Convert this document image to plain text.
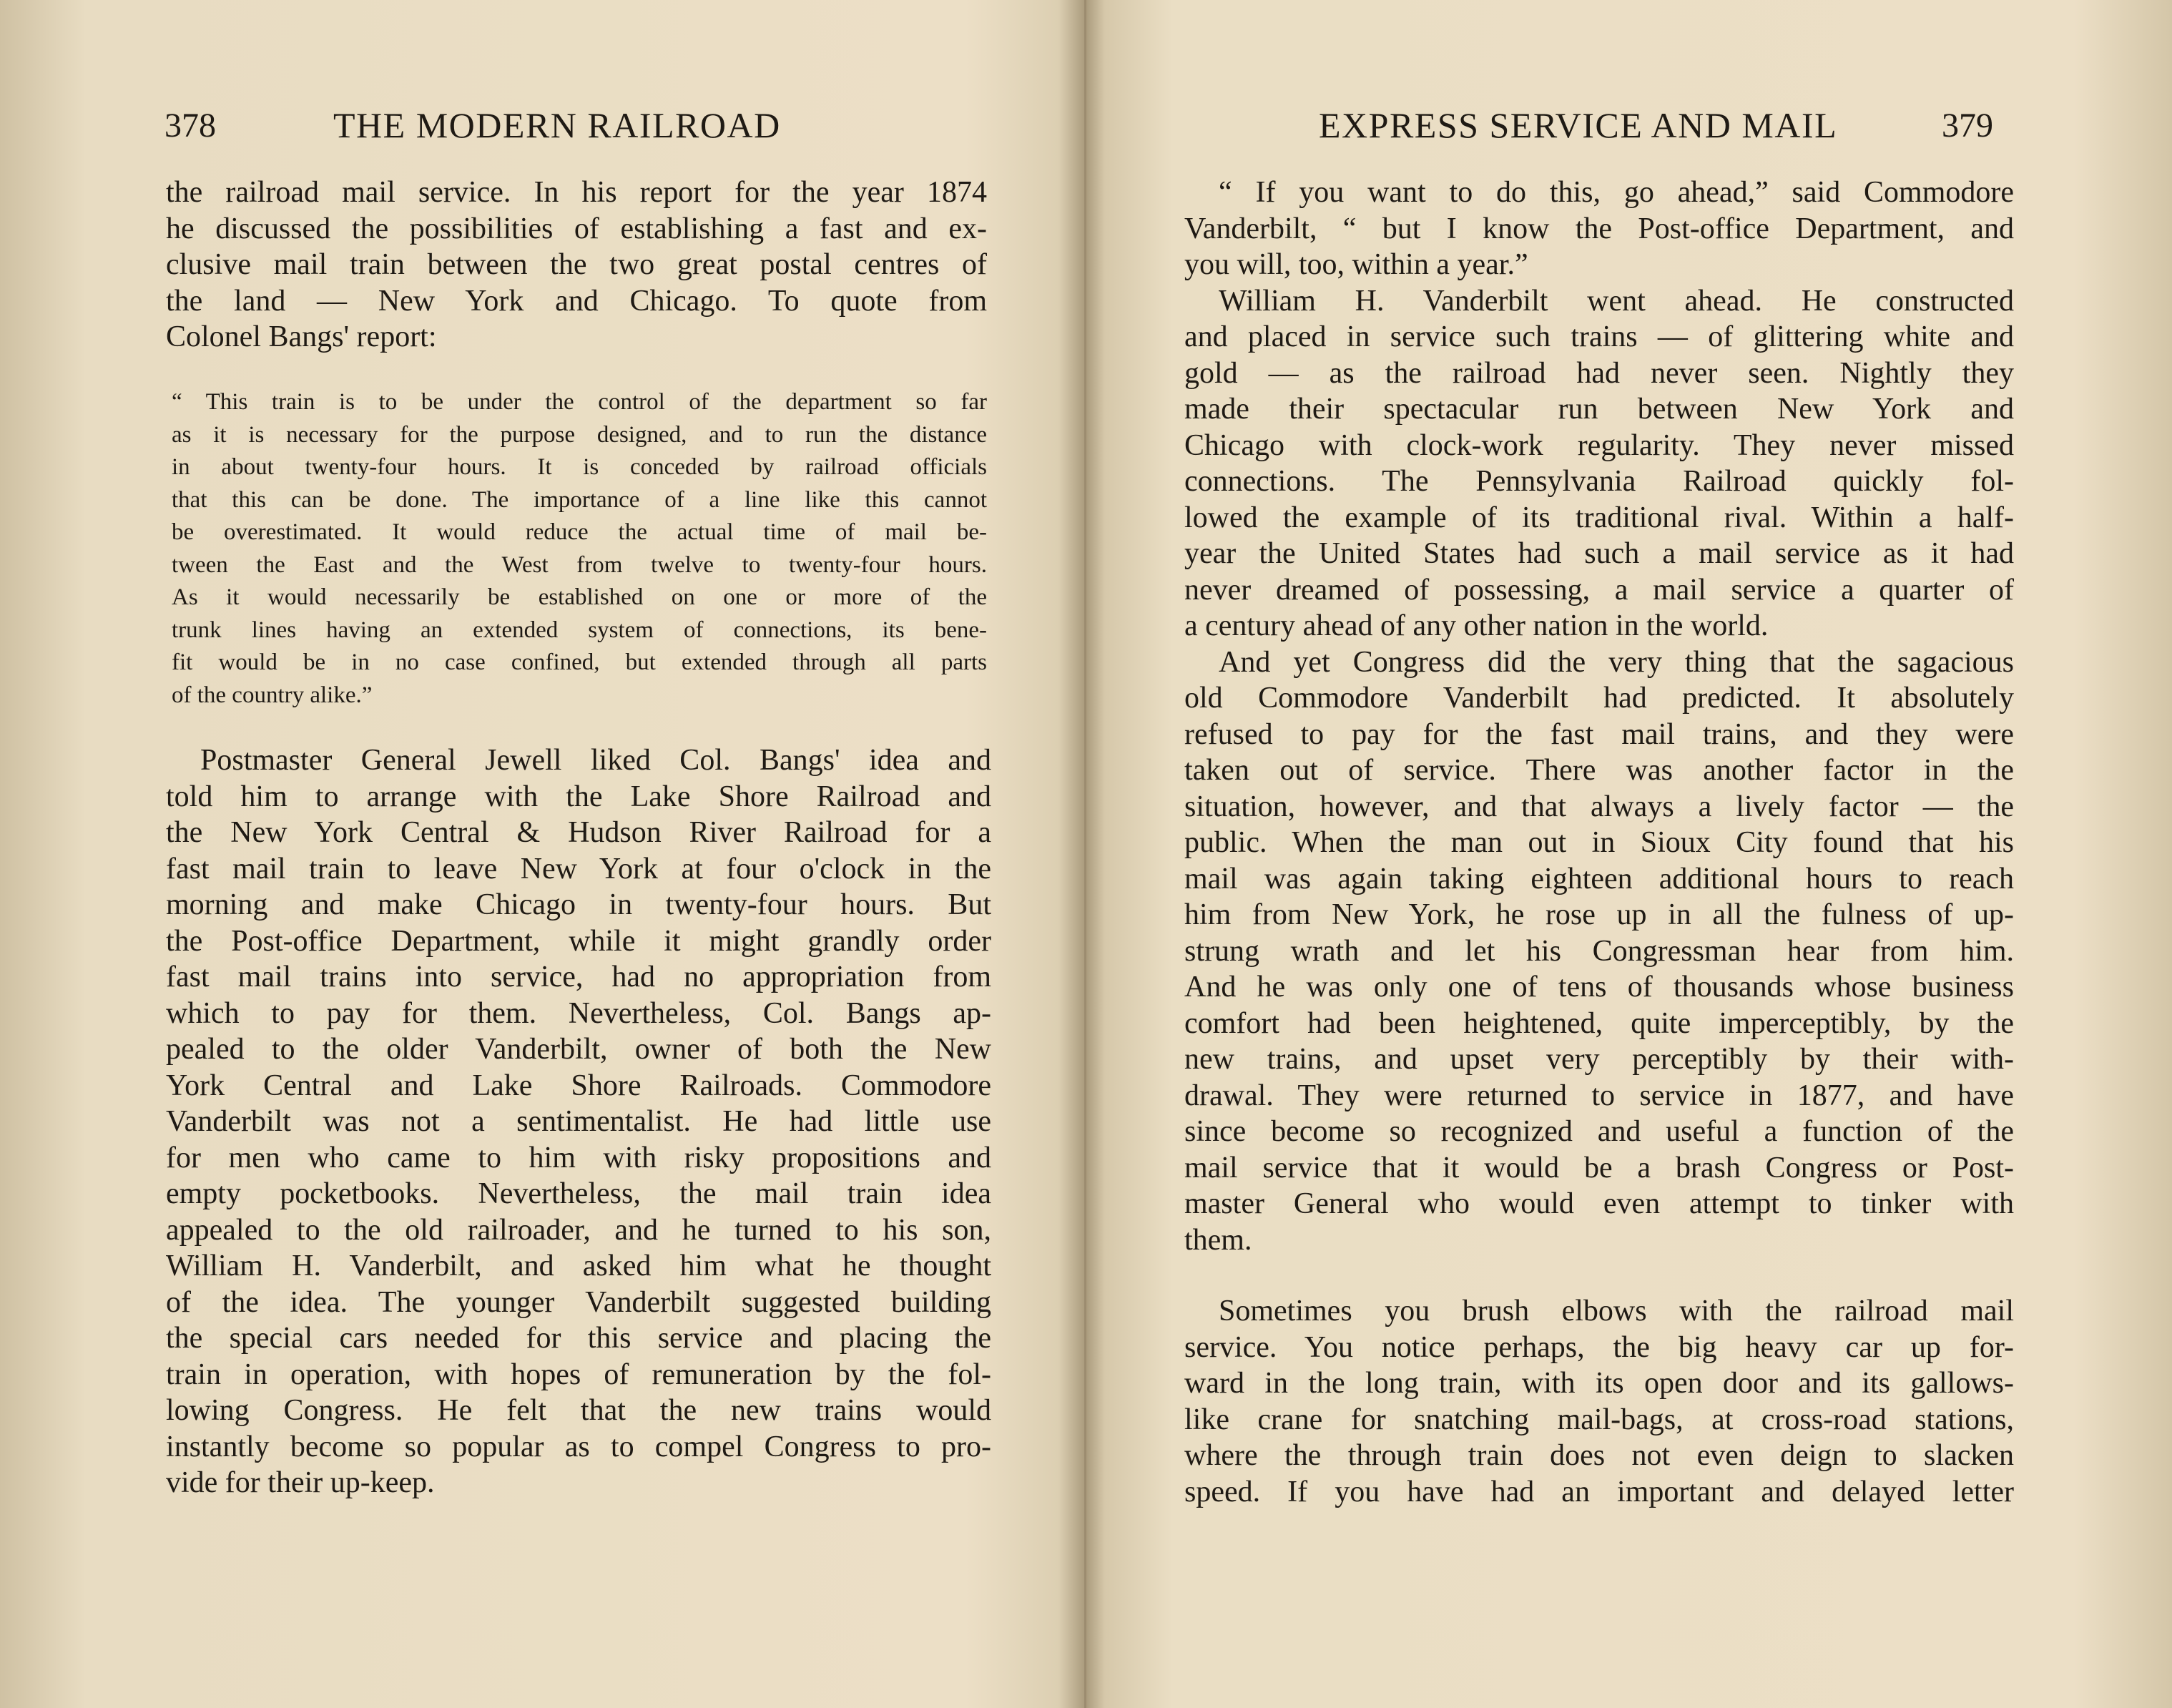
378	THE MODERN RAILROAD
the railroad mail service. In his report for the year 1874
he discussed the possibilities of establishing a fast and ex-
clusive mail train between the two great postal centres of
the land — New York and Chicago. To quote from
Colonel Bangs' report:
“ This train is to be under the control of the department so far
as it is necessary for the purpose designed, and to run the distance
in about twenty-four hours. It is conceded by railroad officials
that this can be done. The importance of a line like this cannot
be overestimated. It would reduce the actual time of mail be-
tween the East and the West from twelve to twenty-four hours.
As it would necessarily be established on one or more of the
trunk lines having an extended system of connections, its bene-
fit would be in no case confined, but extended through all parts
of the country alike.”
Postmaster General Jewell liked Col. Bangs' idea and
told him to arrange with the Lake Shore Railroad and
the New York Central & Hudson River Railroad for a
fast mail train to leave New York at four o'clock in the
morning and make Chicago in twenty-four hours. But
the Post-office Department, while it might grandly order
fast mail trains into service, had no appropriation from
which to pay for them. Nevertheless, Col. Bangs ap-
pealed to the older Vanderbilt, owner of both the New
York Central and Lake Shore Railroads. Commodore
Vanderbilt was not a sentimentalist. He had little use
for men who came to him with risky propositions and
empty pocketbooks. Nevertheless, the mail train idea
appealed to the old railroader, and he turned to his son,
William H. Vanderbilt, and asked him what he thought
of the idea. The younger Vanderbilt suggested building
the special cars needed for this service and placing the
train in operation, with hopes of remuneration by the fol-
lowing Congress. He felt that the new trains would
instantly become so popular as to compel Congress to pro-
vide for their up-keep.
EXPRESS SERVICE AND MAIL	379
“ If you want to do this, go ahead,” said Commodore
Vanderbilt, “ but I know the Post-office Department, and
you will, too, within a year.”
William H. Vanderbilt went ahead. He constructed
and placed in service such trains — of glittering white and
gold — as the railroad had never seen. Nightly they
made their spectacular run between New York and
Chicago with clock-work regularity. They never missed
connections. The Pennsylvania Railroad quickly fol-
lowed the example of its traditional rival. Within a half-
year the United States had such a mail service as it had
never dreamed of possessing, a mail service a quarter of
a century ahead of any other nation in the world.
And yet Congress did the very thing that the sagacious
old Commodore Vanderbilt had predicted. It absolutely
refused to pay for the fast mail trains, and they were
taken out of service. There was another factor in the
situation, however, and that always a lively factor — the
public. When the man out in Sioux City found that his
mail was again taking eighteen additional hours to reach
him from New York, he rose up in all the fulness of up-
strung wrath and let his Congressman hear from him.
And he was only one of tens of thousands whose business
comfort had been heightened, quite imperceptibly, by the
new trains, and upset very perceptibly by their with-
drawal. They were returned to service in 1877, and have
since become so recognized and useful a function of the
mail service that it would be a brash Congress or Post-
master General who would even attempt to tinker with
them.
Sometimes you brush elbows with the railroad mail
service. You notice perhaps, the big heavy car up for-
ward in the long train, with its open door and its gallows-
like crane for snatching mail-bags, at cross-road stations,
where the through train does not even deign to slacken
speed. If you have had an important and delayed letter
